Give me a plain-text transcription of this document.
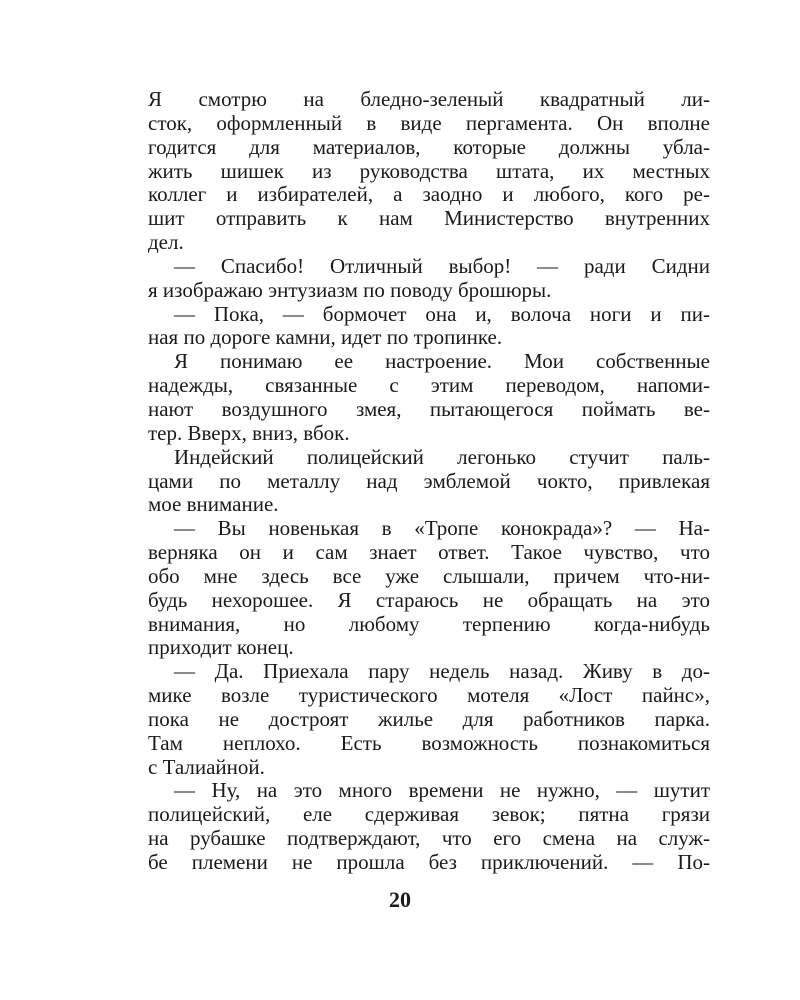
Я смотрю на бледно-зеленый квадратный ли-
сток, оформленный в виде пергамента. Он вполне
годится для материалов, которые должны ублa-
жить шишек из руководства штата, их местных
коллег и избирателей, а заодно и любого, кого ре-
шит отправить к нам Министерство внутренних
дел.
— Спасибо! Отличный выбор! — ради Сидни
я изображаю энтузиазм по поводу брошюры.
— Пока, — бормочет она и, волоча ноги и пи-
ная по дороге камни, идет по тропинке.
Я понимаю ее настроение. Мои собственные
надежды, связанные с этим переводом, напоми-
нают воздушного змея, пытающегося поймать ве-
тер. Вверх, вниз, вбок.
Индейский полицейский легонько стучит паль-
цами по металлу над эмблемой чокто, привлекая
мое внимание.
— Вы новенькая в «Тропе конокрада»? — На-
верняка он и сам знает ответ. Такое чувство, что
обо мне здесь все уже слышали, причем что-ни-
будь нехорошее. Я стараюсь не обращать на это
внимания, но любому терпению когда-нибудь
приходит конец.
— Да. Приехала пару недель назад. Живу в до-
мике возле туристического мотеля «Лост пайнс»,
пока не достроят жилье для работников парка.
Там неплохо. Есть возможность познакомиться
с Талиайной.
— Ну, на это много времени не нужно, — шутит
полицейский, еле сдерживая зевок; пятна грязи
на рубашке подтверждают, что его смена на служ-
бе племени не прошла без приключений. — По-
20
